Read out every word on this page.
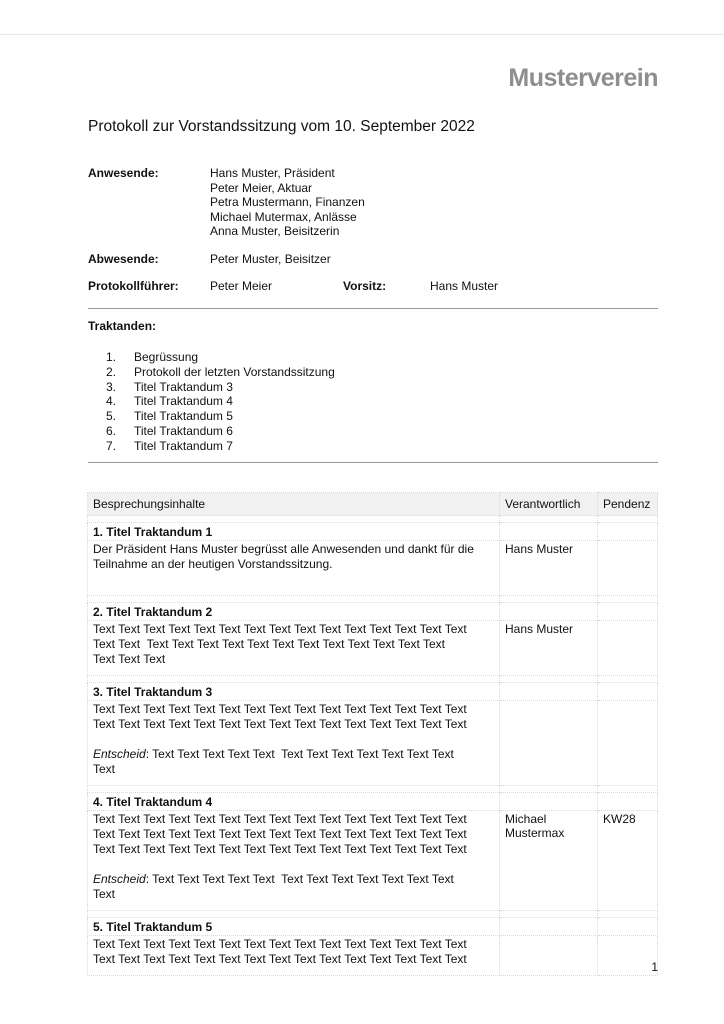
Musterverein
Protokoll zur Vorstandssitzung vom 10. September 2022
Anwesende:	Hans Muster, Präsident
Peter Meier, Aktuar
Petra Mustermann, Finanzen
Michael Mutermax, Anlässe
Anna Muster, Beisitzerin
Abwesende:	Peter Muster, Beisitzer
Protokollführer:	Peter Meier	Vorsitz:	Hans Muster
Traktanden:
1.	Begrüssung
2.	Protokoll der letzten Vorstandssitzung
3.	Titel Traktandum 3
4.	Titel Traktandum 4
5.	Titel Traktandum 5
6.	Titel Traktandum 6
7.	Titel Traktandum 7
Besprechungsinhalte	Verantwortlich	Pendenz

1. Titel Traktandum 1		

Der Präsident Hans Muster begrüsst alle Anwesenden und dankt für die
Teilnahme an der heutigen Vorstandssitzung.	Hans Muster	

2. Titel Traktandum 2		

Text Text Text Text Text Text Text Text Text Text Text Text Text Text Text
Text Text  Text Text Text Text Text Text Text Text Text Text Text Text
Text Text Text	Hans Muster	

3. Titel Traktandum 3		

Text Text Text Text Text Text Text Text Text Text Text Text Text Text Text
Text Text Text Text Text Text Text Text Text Text Text Text Text Text Text
Entscheid: Text Text Text Text Text  Text Text Text Text Text Text Text
Text		

4. Titel Traktandum 4		

Text Text Text Text Text Text Text Text Text Text Text Text Text Text Text
Text Text Text Text Text Text Text Text Text Text Text Text Text Text Text
Text Text Text Text Text Text Text Text Text Text Text Text Text Text Text
Entscheid: Text Text Text Text Text  Text Text Text Text Text Text Text
Text	Michael Mustermax	KW28

5. Titel Traktandum 5		

Text Text Text Text Text Text Text Text Text Text Text Text Text Text Text
Text Text Text Text Text Text Text Text Text Text Text Text Text Text Text		

1
